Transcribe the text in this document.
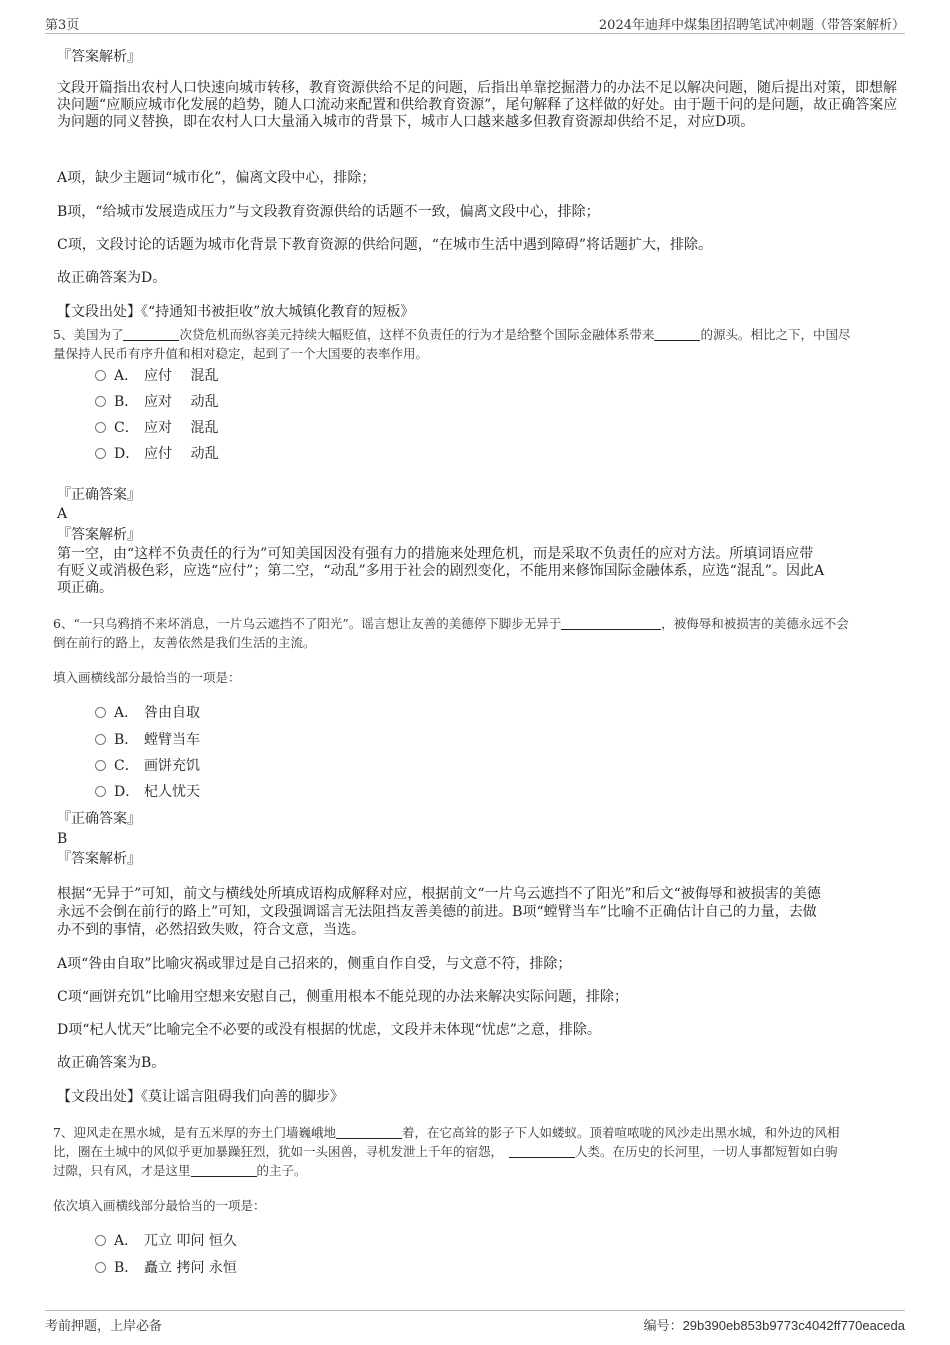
第3页	2024年迪拜中煤集团招聘笔试冲刺题（带答案解析）
『答案解析』
文段开篇指出农村人口快速向城市转移，教育资源供给不足的问题，后指出单靠挖掘潜力的办法不足以解决问题，随后提出对策，即想解决问题“应顺应城市化发展的趋势，随人口流动来配置和供给教育资源”，尾句解释了这样做的好处。由于题干问的是问题，故正确答案应为问题的同义替换，即在农村人口大量涌入城市的背景下，城市人口越来越多但教育资源却供给不足，对应D项。
A项，缺少主题词“城市化”，偏离文段中心，排除；
B项，“给城市发展造成压力”与文段教育资源供给的话题不一致，偏离文段中心，排除；
C项，文段讨论的话题为城市化背景下教育资源的供给问题，“在城市生活中遇到障碍”将话题扩大，排除。
故正确答案为D。
【文段出处】《“持通知书被拒收”放大城镇化教育的短板》
5、美国为了	次贷危机而纵容美元持续大幅贬值，这样不负责任的行为才是给整个国际金融体系带来	的源头。相比之下，中国尽
量保持人民币有序升值和相对稳定，起到了一个大国要的表率作用。
A． 应付　 混乱
B． 应对　 动乱
C． 应对　 混乱
D． 应付　 动乱
『正确答案』
A
『答案解析』
第一空，由“这样不负责任的行为”可知美国因没有强有力的措施来处理危机，而是采取不负责任的应对方法。所填词语应带
有贬义或消极色彩，应选“应付”；第二空，“动乱”多用于社会的剧烈变化，不能用来修饰国际金融体系，应选“混乱”。因此A
项正确。
6、“一只乌鸦捎不来坏消息，一片乌云遮挡不了阳光”。谣言想让友善的美德停下脚步无异于	，被侮辱和被损害的美德永远不会
倒在前行的路上，友善依然是我们生活的主流。
填入画横线部分最恰当的一项是：
A． 咎由自取
B． 螳臂当车
C． 画饼充饥
D． 杞人忧天
『正确答案』
B
『答案解析』
根据“无异于”可知，前文与横线处所填成语构成解释对应，根据前文“一片乌云遮挡不了阳光”和后文“被侮辱和被损害的美德
永远不会倒在前行的路上”可知，文段强调谣言无法阻挡友善美德的前进。B项“螳臂当车”比喻不正确估计自己的力量，去做
办不到的事情，必然招致失败，符合文意，当选。
A项“咎由自取”比喻灾祸或罪过是自己招来的，侧重自作自受，与文意不符，排除；
C项“画饼充饥”比喻用空想来安慰自己，侧重用根本不能兑现的办法来解决实际问题，排除；
D项“杞人忧天”比喻完全不必要的或没有根据的忧虑，文段并未体现“忧虑”之意，排除。
故正确答案为B。
【文段出处】《莫让谣言阻碍我们向善的脚步》
7、迎风走在黑水城，是有五米厚的夯土门墙巍峨地	着，在它高耸的影子下人如蝼蚁。顶着喧哝咙的风沙走出黑水城，和外边的风相
比，圈在土城中的风似乎更加暴躁狂烈，犹如一头困兽，寻机发泄上千年的宿怨，	人类。在历史的长河里，一切人事都短暂如白驹
过隙，只有风，才是这里	的主子。
依次填入画横线部分最恰当的一项是：
A． 兀立 叩问 恒久
B． 矗立 拷问 永恒
考前押题，上岸必备	编号：29b390eb853b9773c4042ff770eaceda
